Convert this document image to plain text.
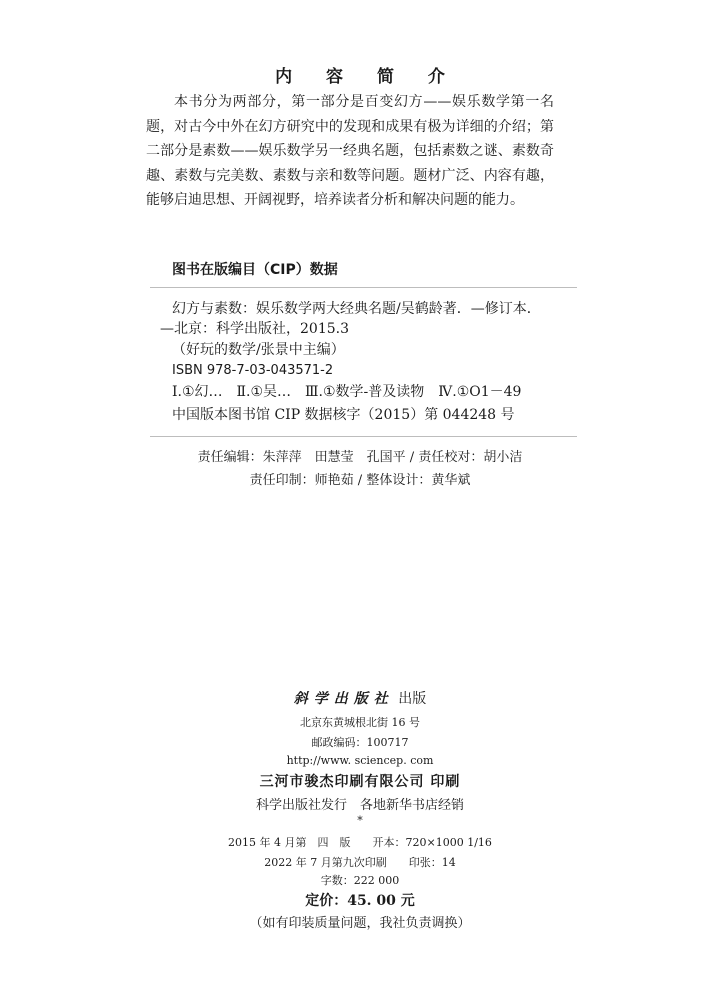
内 容 简 介

本书分为两部分，第一部分是百变幻方——娱乐数学第一名题，对古今中外在幻方研究中的发现和成果有极为详细的介绍；第二部分是素数——娱乐数学另一经典名题，包括素数之谜、素数奇趣、素数与完美数、素数与亲和数等问题。题材广泛、内容有趣，能够启迪思想、开阔视野，培养读者分析和解决问题的能力。

图书在版编目（CIP）数据
幻方与素数：娱乐数学两大经典名题/吴鹤龄著．—修订本．
—北京：科学出版社，2015.3
（好玩的数学/张景中主编）
ISBN 978-7-03-043571-2
Ⅰ.①幻…　Ⅱ.①吴…　Ⅲ.①数学-普及读物　Ⅳ.①O1－49
中国版本图书馆 CIP 数据核字（2015）第 044248 号
责任编辑：朱萍萍　田慧莹　孔国平 / 责任校对：胡小洁
责任印制：师艳茹 / 整体设计：黄华斌
斜学出版社 出版
北京东黄城根北街 16 号
邮政编码：100717
http://www. sciencep. com
三河市骏杰印刷有限公司 印刷
科学出版社发行　各地新华书店经销
*
2015 年 4 月第　四　版　　开本：720×1000 1/16
2022 年 7 月第九次印刷　　印张：14
字数：222 000
定价：45. 00 元
（如有印装质量问题，我社负责调换）
